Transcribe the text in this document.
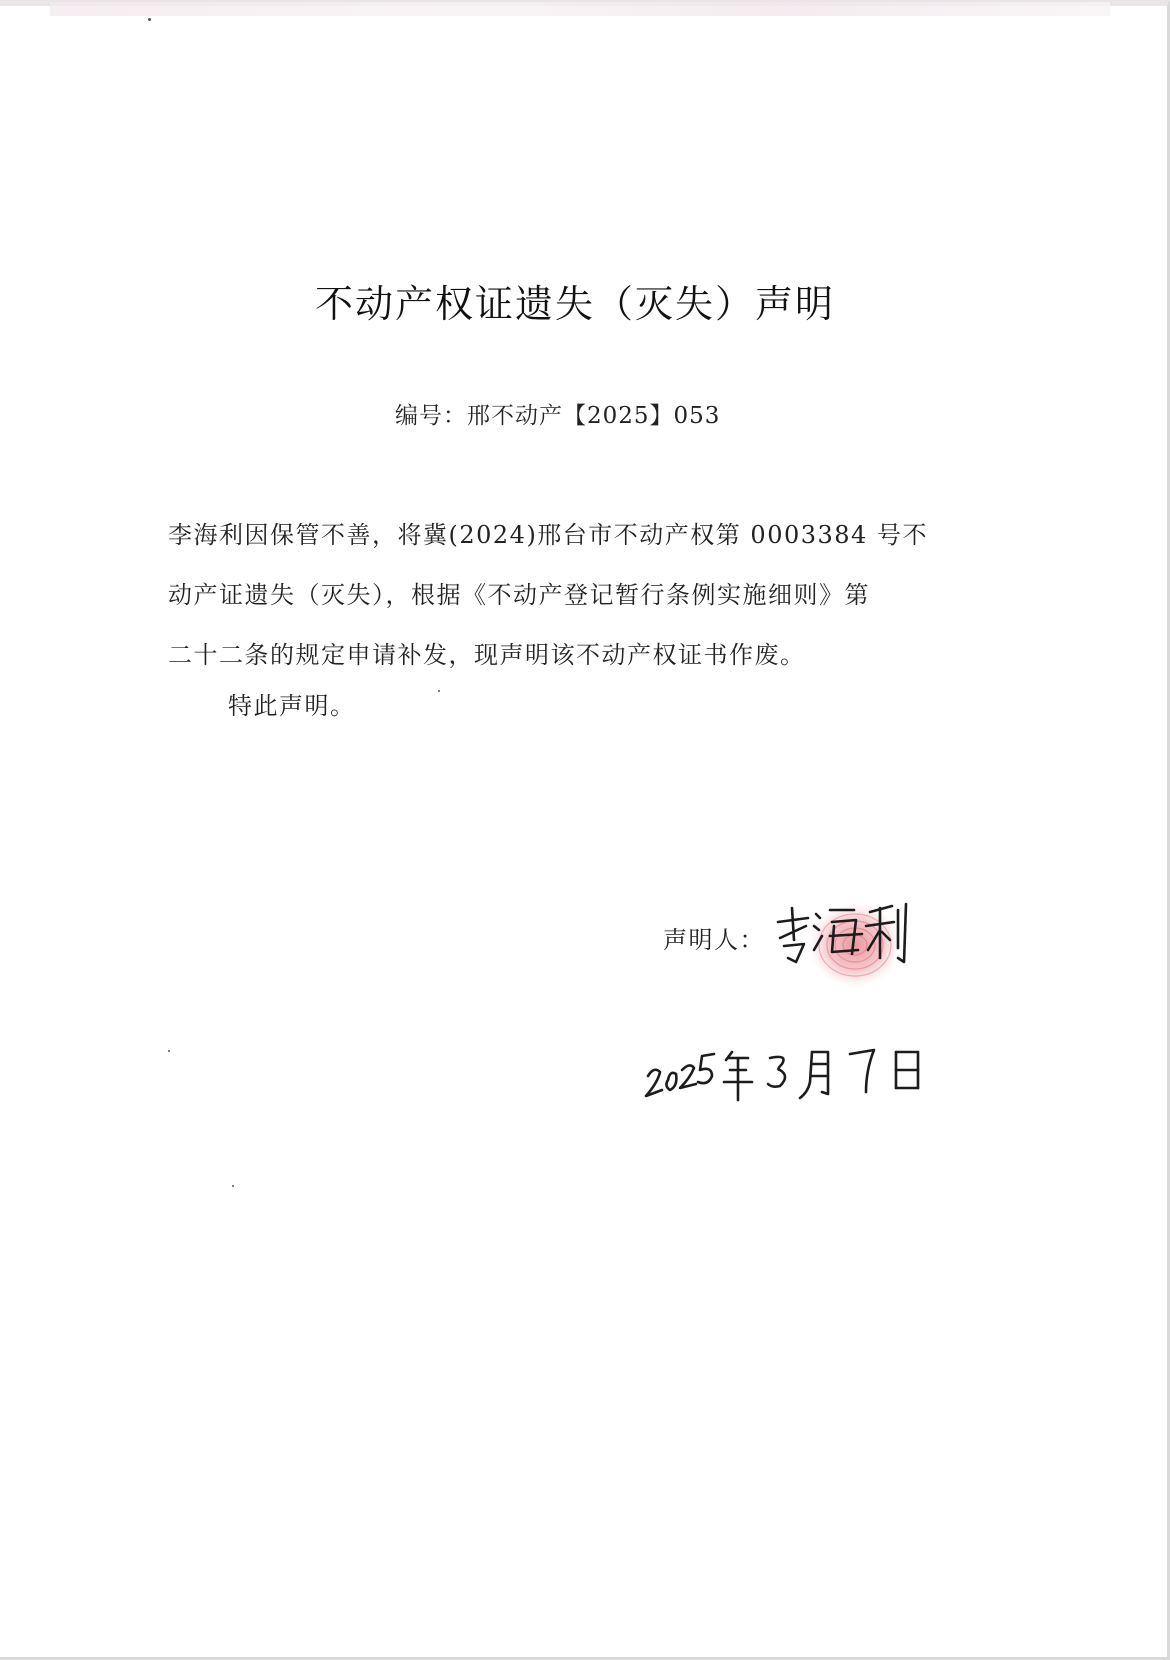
不动产权证遗失（灭失）声明
编号：邢不动产【2025】053
李海利因保管不善，将冀(2024)邢台市不动产权第 0003384 号不
动产证遗失（灭失），根据《不动产登记暂行条例实施细则》第
二十二条的规定申请补发，现声明该不动产权证书作废。
特此声明。
声明人：
